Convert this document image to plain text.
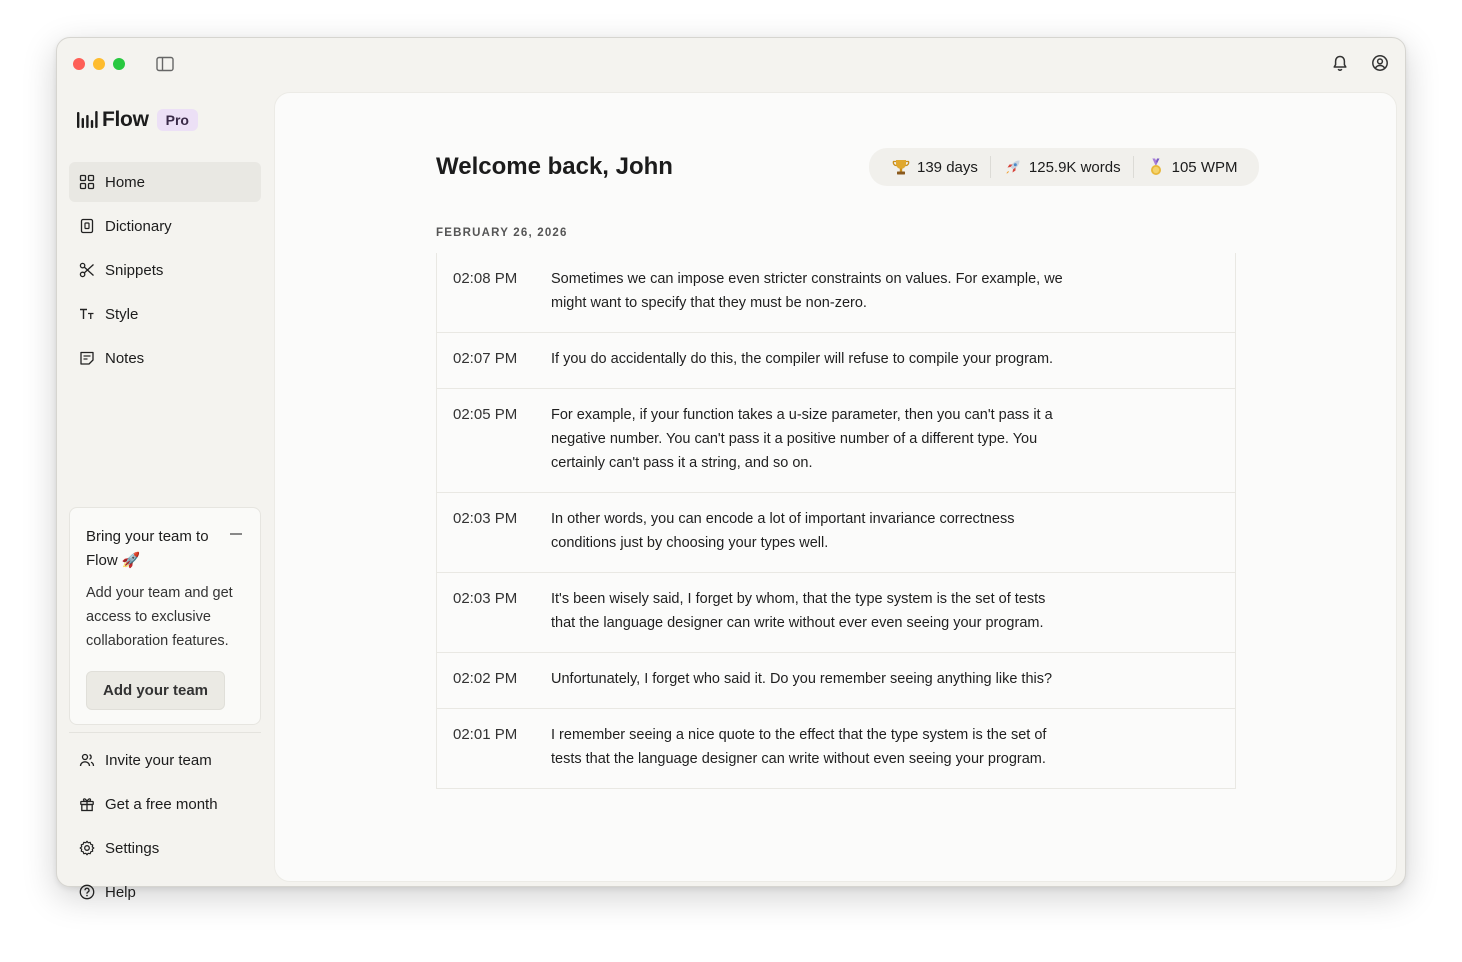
Flow	Pro
Home
Dictionary
Snippets
Style
Notes
Bring your team to Flow 🚀
Add your team and get access to exclusive collaboration features.
Add your team
Invite your team
Get a free month
Settings
Help
Welcome back, John	139 days	125.9K words	105 WPM
FEBRUARY 26, 2026
02:08 PM	Sometimes we can impose even stricter constraints on values. For example, we might want to specify that they must be non-zero.
02:07 PM	If you do accidentally do this, the compiler will refuse to compile your program.
02:05 PM	For example, if your function takes a u-size parameter, then you can't pass it a negative number. You can't pass it a positive number of a different type. You certainly can't pass it a string, and so on.
02:03 PM	In other words, you can encode a lot of important invariance correctness conditions just by choosing your types well.
02:03 PM	It's been wisely said, I forget by whom, that the type system is the set of tests that the language designer can write without ever even seeing your program.
02:02 PM	Unfortunately, I forget who said it. Do you remember seeing anything like this?
02:01 PM	I remember seeing a nice quote to the effect that the type system is the set of tests that the language designer can write without even seeing your program.
